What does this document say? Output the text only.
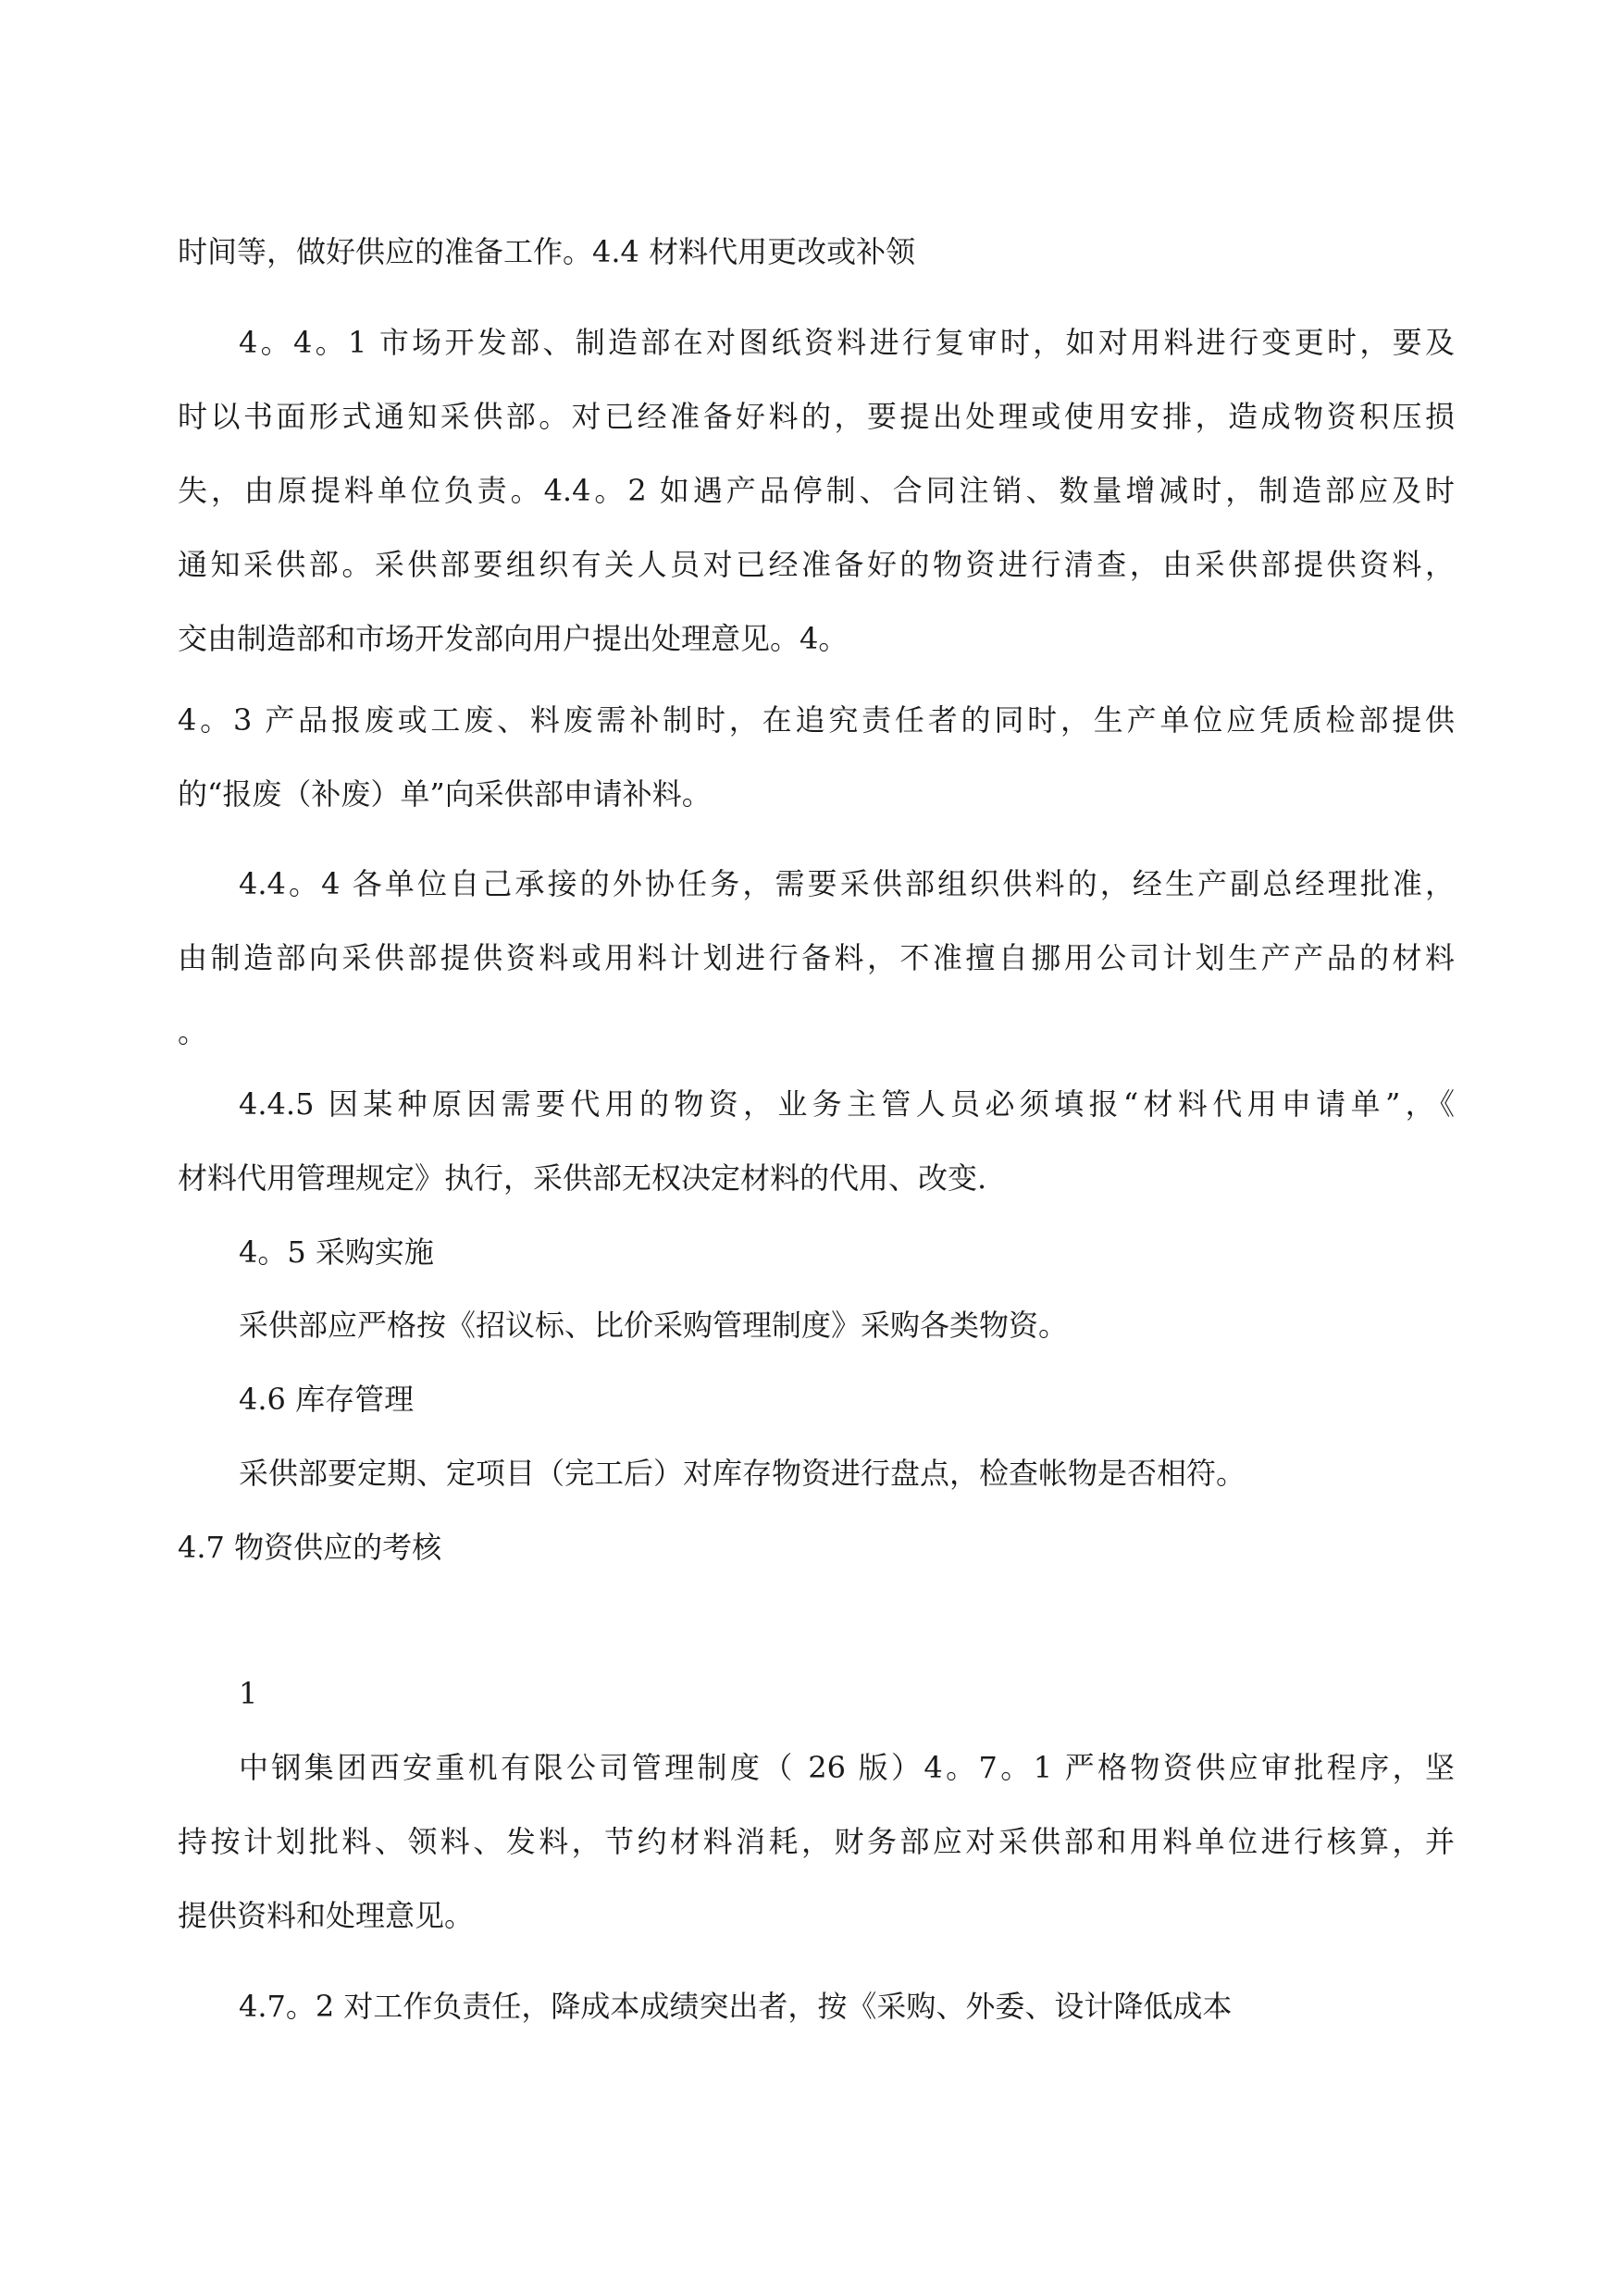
时间等，做好供应的准备工作。4.4 材料代用更改或补领
4。4。1 市场开发部、制造部在对图纸资料进行复审时，如对用料进行变更时，要及
时以书面形式通知采供部。对已经准备好料的，要提出处理或使用安排，造成物资积压损
失，由原提料单位负责。4.4。2 如遇产品停制、合同注销、数量增减时，制造部应及时
通知采供部。采供部要组织有关人员对已经准备好的物资进行清查，由采供部提供资料，
交由制造部和市场开发部向用户提出处理意见。4。
4。3 产品报废或工废、料废需补制时，在追究责任者的同时，生产单位应凭质检部提供
的“报废（补废）单”向采供部申请补料。
4.4。4 各单位自己承接的外协任务，需要采供部组织供料的，经生产副总经理批准，
由制造部向采供部提供资料或用料计划进行备料，不准擅自挪用公司计划生产产品的材料
。
4.4.5 因某种原因需要代用的物资，业务主管人员必须填报“材料代用申请单”，《
材料代用管理规定》执行，采供部无权决定材料的代用、改变.
4。5 采购实施
采供部应严格按《招议标、比价采购管理制度》采购各类物资。
4.6 库存管理
采供部要定期、定项目（完工后）对库存物资进行盘点，检查帐物是否相符。
4.7 物资供应的考核
1
中钢集团西安重机有限公司管理制度（ 26 版）4。7。1 严格物资供应审批程序，坚
持按计划批料、领料、发料，节约材料消耗，财务部应对采供部和用料单位进行核算，并
提供资料和处理意见。
4.7。2 对工作负责任，降成本成绩突出者，按《采购、外委、设计降低成本
